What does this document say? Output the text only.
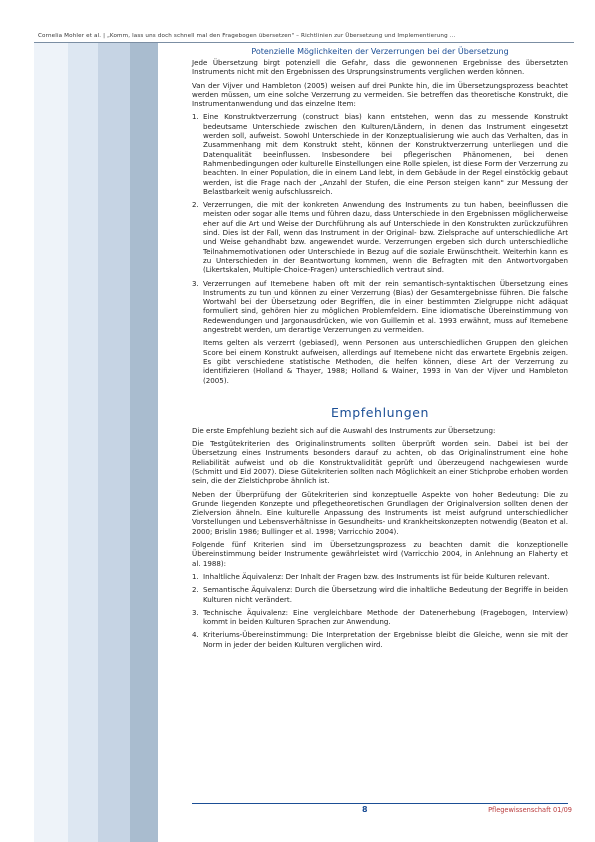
Cornelia Mohler et al. | „Komm, lass uns doch schnell mal den Fragebogen übersetzen" – Richtlinien zur Übersetzung und Implementierung ...
Potenzielle Möglichkeiten der Verzerrungen bei der Übersetzung

Jede Übersetzung birgt potenziell die Gefahr, dass die gewonnenen Ergebnisse des übersetzten Instruments nicht mit den Ergebnissen des Ursprungsinstruments verglichen werden können.

Van der Vijver und Hambleton (2005) weisen auf drei Punkte hin, die im Übersetzungsprozess beachtet werden müssen, um eine solche Verzerrung zu vermeiden. Sie betreffen das theoretische Konstrukt, die Instrumentanwendung und das einzelne Item:

1. Eine Konstruktverzerrung (construct bias) kann entstehen, wenn das zu messende Konstrukt bedeutsame Unterschiede zwischen den Kulturen/Ländern, in denen das Instrument eingesetzt werden soll, aufweist. Sowohl Unterschiede in der Konzeptualisierung wie auch das Verhalten, das in Zusammenhang mit dem Konstrukt steht, können der Konstruktverzerrung unterliegen und die Datenqualität beeinflussen. Insbesondere bei pflegerischen Phänomenen, bei denen Rahmenbedingungen oder kulturelle Einstellungen eine Rolle spielen, ist diese Form der Verzerrung zu beachten. In einer Population, die in einem Land lebt, in dem Gebäude in der Regel einstöckig gebaut werden, ist die Frage nach der „Anzahl der Stufen, die eine Person steigen kann" zur Messung der Belastbarkeit wenig aufschlussreich.
2. Verzerrungen, die mit der konkreten Anwendung des Instruments zu tun haben, beeinflussen die meisten oder sogar alle Items und führen dazu, dass Unterschiede in den Ergebnissen möglicherweise eher auf die Art und Weise der Durchführung als auf Unterschiede in den Konstrukten zurückzuführen sind. Dies ist der Fall, wenn das Instrument in der Original- bzw. Zielsprache auf unterschiedliche Art und Weise gehandhabt bzw. angewendet wurde. Verzerrungen ergeben sich durch unterschiedliche Teilnahmemotivationen oder Unterschiede in Bezug auf die soziale Erwünschtheit. Weiterhin kann es zu Unterschieden in der Beantwortung kommen, wenn die Befragten mit den Antwortvorgaben (Likertskalen, Multiple-Choice-Fragen) unterschiedlich vertraut sind.
3. Verzerrungen auf Itemebene haben oft mit der rein semantisch-syntaktischen Übersetzung eines Instruments zu tun und können zu einer Verzerrung (Bias) der Gesamtergebnisse führen. Die falsche Wortwahl bei der Übersetzung oder Begriffen, die in einer bestimmten Zielgruppe nicht adäquat formuliert sind, gehören hier zu möglichen Problemfeldern. Eine idiomatische Übereinstimmung von Redewendungen und Jargonausdrücken, wie von Guillemin et al. 1993 erwähnt, muss auf Itemebene angestrebt werden, um derartige Verzerrungen zu vermeiden.

Items gelten als verzerrt (gebiased), wenn Personen aus unterschiedlichen Gruppen den gleichen Score bei einem Konstrukt aufweisen, allerdings auf Itemebene nicht das erwartete Ergebnis zeigen. Es gibt verschiedene statistische Methoden, die helfen können, diese Art der Verzerrung zu identifizieren (Holland & Thayer, 1988; Holland & Wainer, 1993 in Van der Vijver und Hambleton (2005).

Empfehlungen

Die erste Empfehlung bezieht sich auf die Auswahl des Instruments zur Übersetzung:

Die Testgütekriterien des Originalinstruments sollten überprüft worden sein. Dabei ist bei der Übersetzung eines Instruments besonders darauf zu achten, ob das Originalinstrument eine hohe Reliabilität aufweist und ob die Konstruktvalidität geprüft und überzeugend nachgewiesen wurde (Schmitt und Eid 2007). Diese Gütekriterien sollten nach Möglichkeit an einer Stichprobe erhoben worden sein, die der Zielstichprobe ähnlich ist.

Neben der Überprüfung der Gütekriterien sind konzeptuelle Aspekte von hoher Bedeutung: Die zu Grunde liegenden Konzepte und pflegetheoretischen Grundlagen der Originalversion sollten denen der Zielversion ähneln. Eine kulturelle Anpassung des Instruments ist meist aufgrund unterschiedlicher Vorstellungen und Lebensverhältnisse in Gesundheits- und Krankheitskonzepten notwendig (Beaton et al. 2000; Brislin 1986; Bullinger et al. 1998; Varricchio 2004).

Folgende fünf Kriterien sind im Übersetzungsprozess zu beachten damit die konzeptionelle Übereinstimmung beider Instrumente gewährleistet wird (Varricchio 2004, in Anlehnung an Flaherty et al. 1988):

1. Inhaltliche Äquivalenz: Der Inhalt der Fragen bzw. des Instruments ist für beide Kulturen relevant.
2. Semantische Äquivalenz: Durch die Übersetzung wird die inhaltliche Bedeutung der Begriffe in beiden Kulturen nicht verändert.
3. Technische Äquivalenz: Eine vergleichbare Methode der Datenerhebung (Fragebogen, Interview) kommt in beiden Kulturen Sprachen zur Anwendung.
4. Kriteriums-Übereinstimmung: Die Interpretation der Ergebnisse bleibt die Gleiche, wenn sie mit der Norm in jeder der beiden Kulturen verglichen wird.
8	Pflegewissenschaft 01/09
